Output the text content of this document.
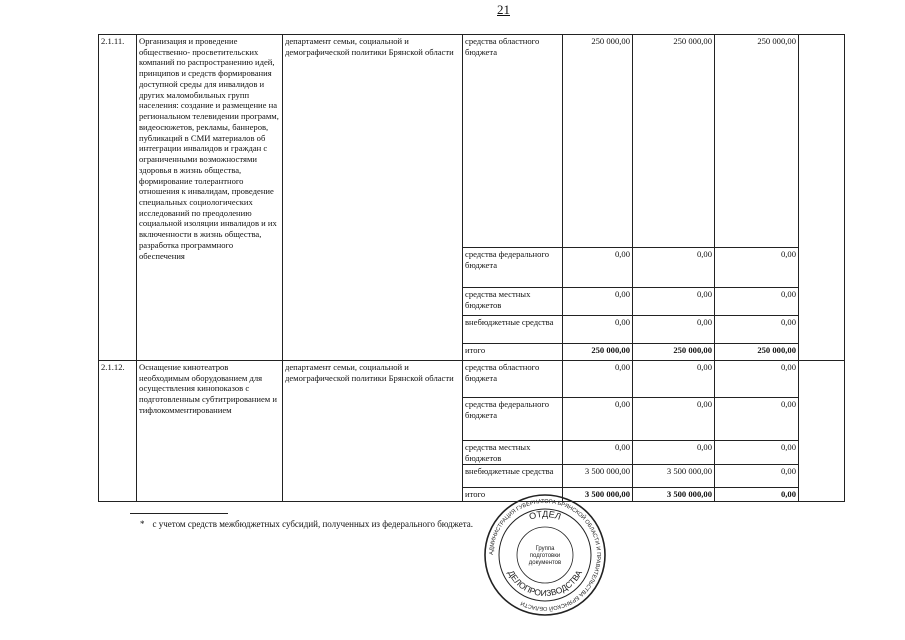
21
2.1.11.	Организация и проведение общественно- просветительских компаний по распространению идей, принципов и средств формирования доступной среды для инвалидов и других маломобильных групп населения: создание и размещение на региональном телевидении программ, видеосюжетов, рекламы, баннеров, публикаций в СМИ материалов об интеграции инвалидов и граждан с ограниченными возможностями здоровья в жизнь общества, формирование толерантного отношения к инвалидам, проведение специальных социологических исследований по преодолению социальной изоляции инвалидов и их включенности в жизнь общества, разработка программного обеспечения	департамент семьи, социальной и демографической политики Брянской области	средства областного бюджета	250 000,00	250 000,00	250 000,00	
			средства федерального бюджета	0,00	0,00	0,00	
			средства местных бюджетов	0,00	0,00	0,00	
			внебюджетные средства	0,00	0,00	0,00	
			итого	250 000,00	250 000,00	250 000,00	
2.1.12.	Оснащение кинотеатров необходимым оборудованием для осуществления кинопоказов с подготовленным субтитрированием и тифлокомментированием	департамент семьи, социальной и демографической политики Брянской области	средства областного бюджета	0,00	0,00	0,00	
			средства федерального бюджета	0,00	0,00	0,00	
			средства местных бюджетов	0,00	0,00	0,00	
			внебюджетные средства	3 500 000,00	3 500 000,00	0,00	
			итого	3 500 000,00	3 500 000,00	0,00	
* с учетом средств межбюджетных субсидий, полученных из федерального бюджета.
АДМИНИСТРАЦИЯ ГУБЕРНАТОРА БРЯНСКОЙ ОБЛАСТИ И ПРАВИТЕЛЬСТВА БРЯНСКОЙ ОБЛАСТИ
ОТДЕЛ
ДЕЛОПРОИЗВОДСТВА
Группа
подготовки
документов
